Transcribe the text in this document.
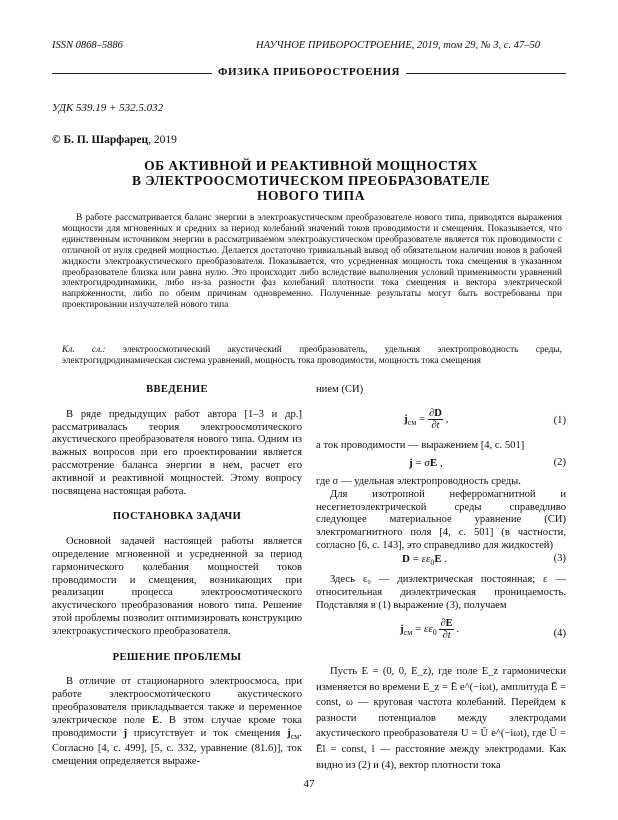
ISSN 0868–5886	НАУЧНОЕ ПРИБОРОСТРОЕНИЕ, 2019, том 29, № 3, с. 47–50
ФИЗИКА ПРИБОРОСТРОЕНИЯ
УДК 539.19 + 532.5.032
© Б. П. Шарфарец, 2019
ОБ АКТИВНОЙ И РЕАКТИВНОЙ МОЩНОСТЯХ
В ЭЛЕКТРООСМОТИЧЕСКОМ ПРЕОБРАЗОВАТЕЛЕ
НОВОГО ТИПА

В работе рассматривается баланс энергии в электроакустическом преобразователе нового типа, приводятся выражения мощности для мгновенных и средних за период колебаний значений токов проводимости и смещения. Показывается, что единственным источником энергии в рассматриваемом электроакустическом преобразователе является ток проводимости с отличной от нуля средней мощностью. Делается достаточно тривиальный вывод об обязательном наличии ионов в рабочей жидкости электроакустического преобразователя. Показывается, что усредненная мощность тока смещения в указанном преобразователе близка или равна нулю. Это происходит либо вследствие выполнения условий применимости уравнений электрогидродинамики, либо из-за разности фаз колебаний плотности тока смещения и вектора электрической напряженности, либо по обеим причинам одновременно. Полученные результаты могут быть востребованы при проектировании излучателей нового типа

Кл. сл.: электроосмотический акустический преобразователь, удельная электропроводность среды, электрогидродинамическая система уравнений, мощность тока проводимости, мощность тока смещения
ВВЕДЕНИЕ

В ряде предыдущих работ автора [1–3 и др.] рассматривалась теория электроосмотического акустического преобразователя нового типа. Одним из важных вопросов при его проектировании является рассмотрение баланса энергии в нем, расчет его активной и реактивной мощностей. Этому вопросу посвящена настоящая работа.

ПОСТАНОВКА ЗАДАЧИ

Основной задачей настоящей работы является определение мгновенной и усредненной за период гармонического колебания мощностей токов проводимости и смещения, возникающих при реализации процесса электроосмотического акустического преобразования нового типа. Решение этой проблемы позволит оптимизировать конструкцию электроакустического преобразователя.

РЕШЕНИЕ ПРОБЛЕМЫ

В отличие от стационарного электроосмоса, при работе электроосмотического акустического преобразователя прикладывается также и переменное электрическое поле E. В этом случае кроме тока проводимости j присутствует и ток смещения $j_{см}$. Согласно [4, с. 499], [5, с. 332, уравнение (81.6)], ток смещения определяется выраже-

нием (СИ)

$j_{см} = \frac{\partial D}{\partial t}$ ,	(1)

а ток проводимости — выражением [4, с. 501]

j = σE ,	(2)

где σ — удельная электропроводность среды.

Для изотропной неферромагнитной и несегнетоэлектрической среды справедливо следующее материальное уравнение (СИ) электромагнитного поля [4, с. 501] (в частности, согласно [6, с. 143], это справедливо для жидкостей)

$D = \varepsilon\varepsilon_0E$ .	(3)

Здесь ε₀ — диэлектрическая постоянная; ε — относительная диэлектрическая проницаемость. Подставляя в (1) выражение (3), получаем

$j_{см} = \varepsilon\varepsilon_0 \frac{\partial E}{\partial t}$ .	(4)

Пусть E = (0, 0, E_z), где поле E_z гармонически изменяется во времени E_z = Ē e^(−iωt), амплитуда Ē = const, ω — круговая частота колебаний. Перейдем к разности потенциалов между электродами акустического преобразователя U = Ū e^(−iωt), где Ū = Ēl = const, l — расстояние между электродами. Как видно из (2) и (4), вектор плотности тока

47
